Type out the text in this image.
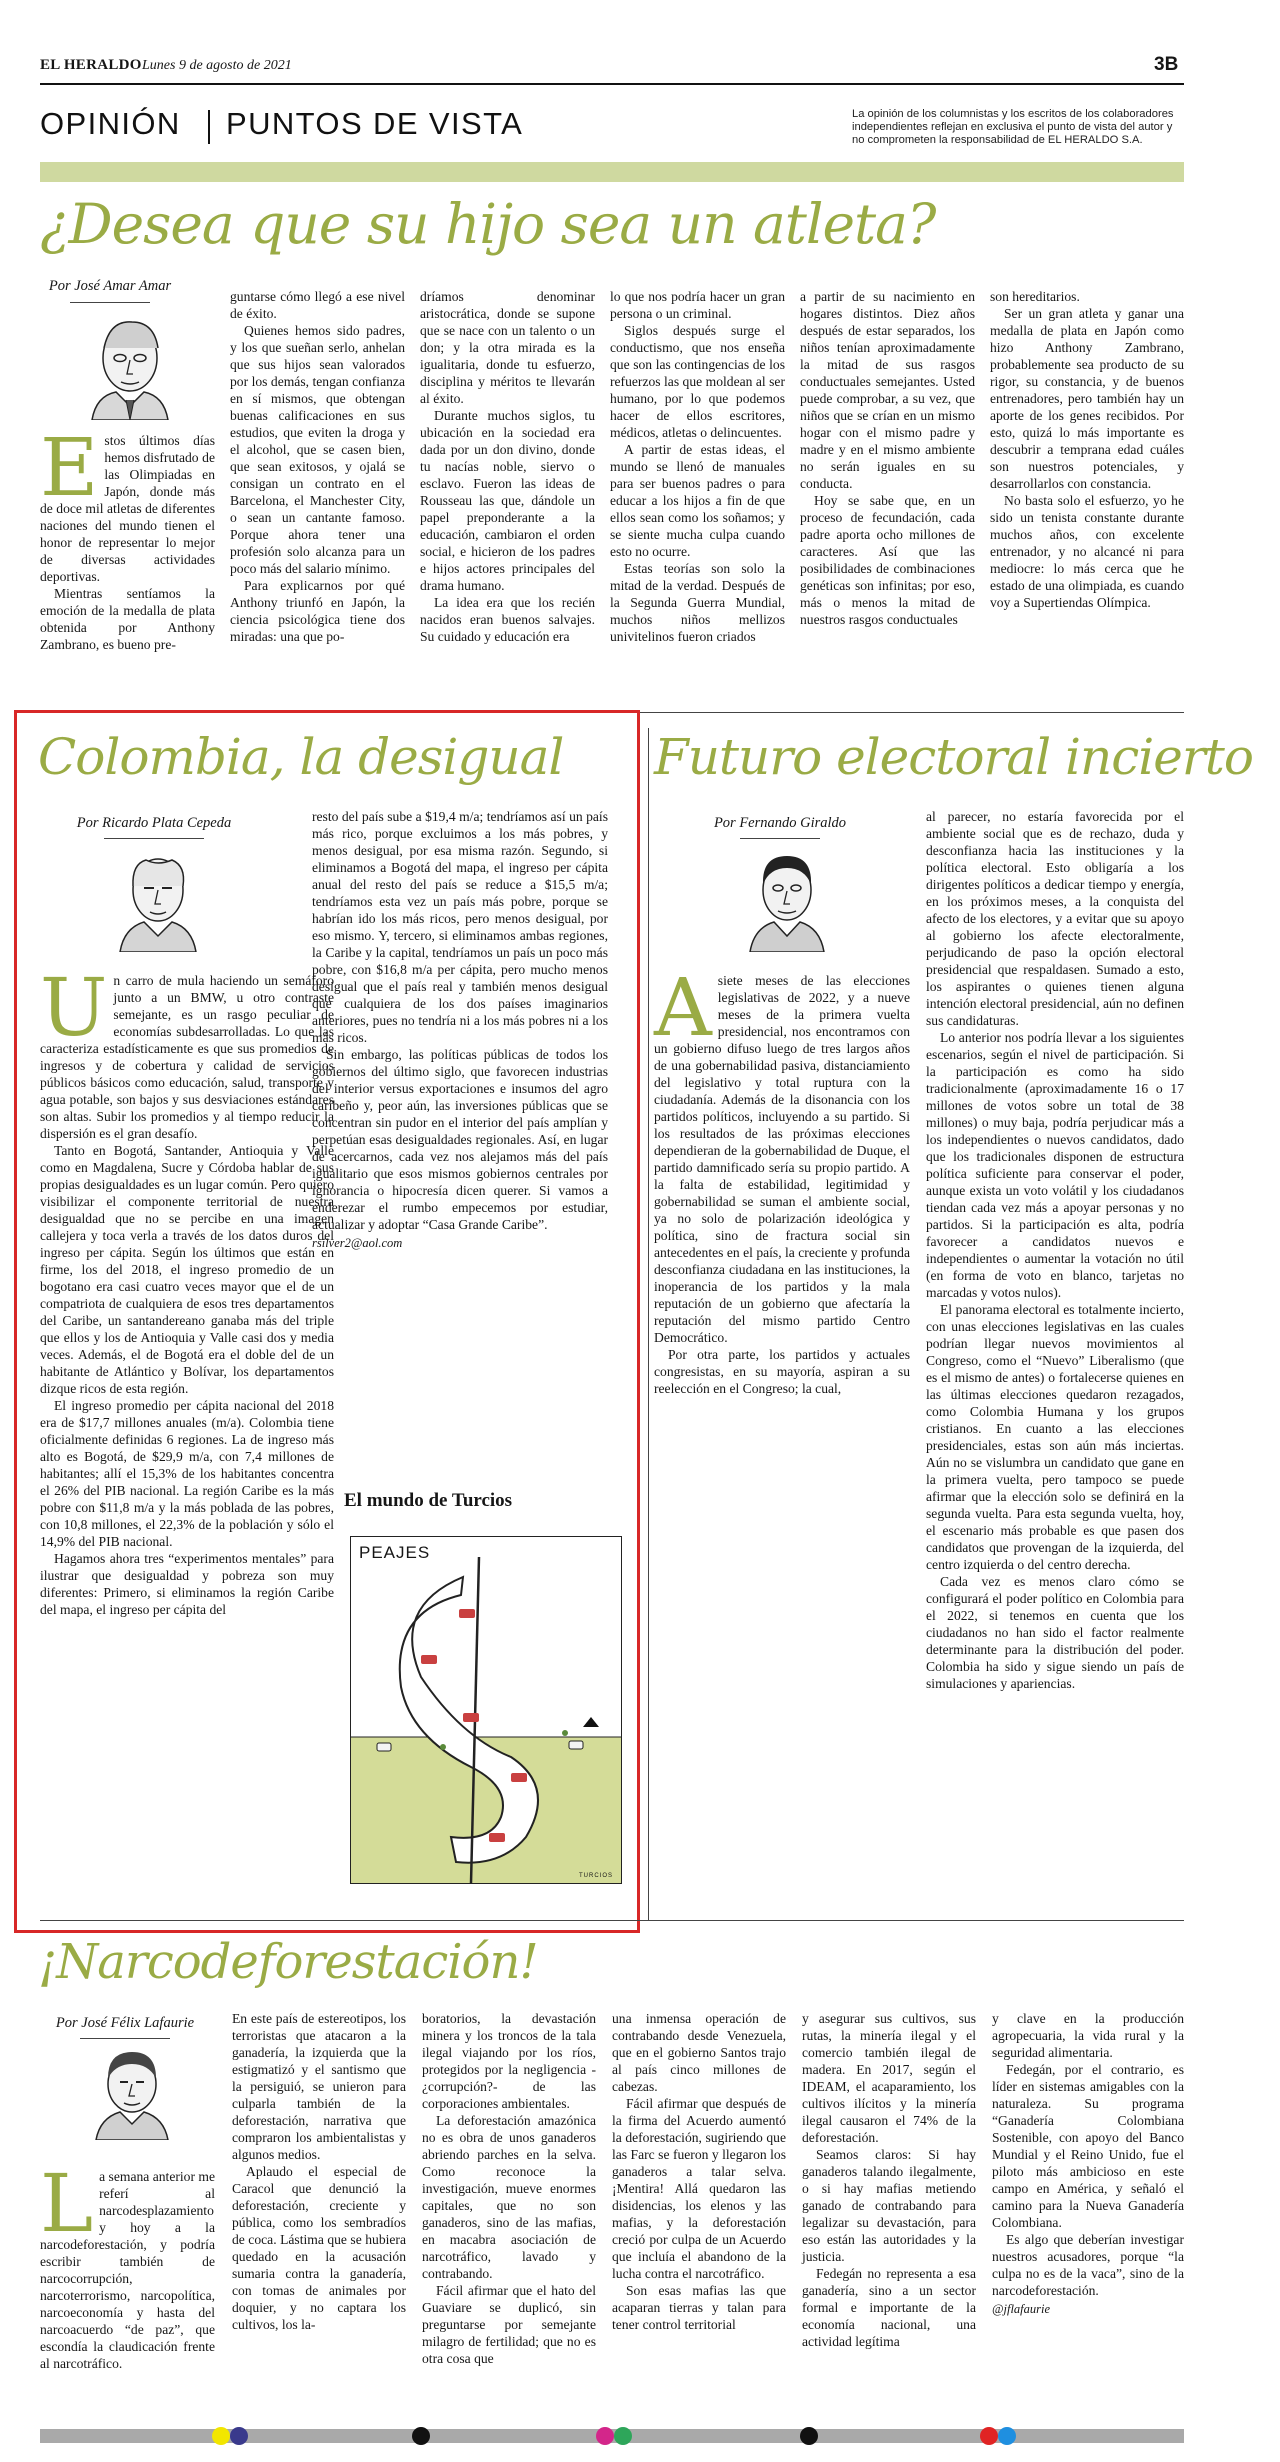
EL HERALDO Lunes 9 de agosto de 2021	3B
OPINIÓN PUNTOS DE VISTA	La opinión de los columnistas y los escritos de los colaboradores independientes reflejan en exclusiva el punto de vista del autor y no comprometen la responsabilidad de EL HERALDO S.A.
¿Desea que su hijo sea un atleta?
Por José Amar Amar

Estos últimos días hemos disfrutado de las Olimpiadas en Japón, donde más de doce mil atletas de diferentes naciones del mundo tienen el honor de representar lo mejor de diversas actividades deportivas.

Mientras sentíamos la emoción de la medalla de plata obtenida por Anthony Zambrano, es bueno pre-

guntarse cómo llegó a ese nivel de éxito.

Quienes hemos sido padres, y los que sueñan serlo, anhelan que sus hijos sean valorados por los demás, tengan confianza en sí mismos, que obtengan buenas calificaciones en sus estudios, que eviten la droga y el alcohol, que se casen bien, que sean exitosos, y ojalá se consigan un contrato en el Barcelona, el Manchester City, o sean un cantante famoso. Porque ahora tener una profesión solo alcanza para un poco más del salario mínimo.

Para explicarnos por qué Anthony triunfó en Japón, la ciencia psicológica tiene dos miradas: una que po-

dríamos denominar aristocrática, donde se supone que se nace con un talento o un don; y la otra mirada es la igualitaria, donde tu esfuerzo, disciplina y méritos te llevarán al éxito.

Durante muchos siglos, tu ubicación en la sociedad era dada por un don divino, donde tu nacías noble, siervo o esclavo. Fueron las ideas de Rousseau las que, dándole un papel preponderante a la educación, cambiaron el orden social, e hicieron de los padres e hijos actores principales del drama humano.

La idea era que los recién nacidos eran buenos salvajes. Su cuidado y educación era

lo que nos podría hacer un gran persona o un criminal.

Siglos después surge el conductismo, que nos enseña que son las contingencias de los refuerzos las que moldean al ser humano, por lo que podemos hacer de ellos escritores, médicos, atletas o delincuentes.

A partir de estas ideas, el mundo se llenó de manuales para ser buenos padres o para educar a los hijos a fin de que ellos sean como los soñamos; y se siente mucha culpa cuando esto no ocurre.

Estas teorías son solo la mitad de la verdad. Después de la Segunda Guerra Mundial, muchos niños mellizos univitelinos fueron criados

a partir de su nacimiento en hogares distintos. Diez años después de estar separados, los niños tenían aproximadamente la mitad de sus rasgos conductuales semejantes. Usted puede comprobar, a su vez, que niños que se crían en un mismo hogar con el mismo padre y madre y en el mismo ambiente no serán iguales en su conducta.

Hoy se sabe que, en un proceso de fecundación, cada padre aporta ocho millones de caracteres. Así que las posibilidades de combinaciones genéticas son infinitas; por eso, más o menos la mitad de nuestros rasgos conductuales

son hereditarios.

Ser un gran atleta y ganar una medalla de plata en Japón como hizo Anthony Zambrano, probablemente sea producto de su rigor, su constancia, y de buenos entrenadores, pero también hay un aporte de los genes recibidos. Por esto, quizá lo más importante es descubrir a temprana edad cuáles son nuestros potenciales, y desarrollarlos con constancia.

No basta solo el esfuerzo, yo he sido un tenista constante durante muchos años, con excelente entrenador, y no alcancé ni para mediocre: lo más cerca que he estado de una olimpiada, es cuando voy a Supertiendas Olímpica.

Colombia, la desigual
Por Ricardo Plata Cepeda

Un carro de mula haciendo un semáforo junto a un BMW, u otro contraste semejante, es un rasgo peculiar de economías subdesarrolladas. Lo que las caracteriza estadísticamente es que sus promedios de ingresos y de cobertura y calidad de servicios públicos básicos como educación, salud, transporte y agua potable, son bajos y sus desviaciones estándares son altas. Subir los promedios y al tiempo reducir la dispersión es el gran desafío.

Tanto en Bogotá, Santander, Antioquia y Valle como en Magdalena, Sucre y Córdoba hablar de sus propias desigualdades es un lugar común. Pero quiero visibilizar el componente territorial de nuestra desigualdad que no se percibe en una imagen callejera y toca verla a través de los datos duros del ingreso per cápita. Según los últimos que están en firme, los del 2018, el ingreso promedio de un bogotano era casi cuatro veces mayor que el de un compatriota de cualquiera de esos tres departamentos del Caribe, un santandereano ganaba más del triple que ellos y los de Antioquia y Valle casi dos y media veces. Además, el de Bogotá era el doble del de un habitante de Atlántico y Bolívar, los departamentos dizque ricos de esta región.

El ingreso promedio per cápita nacional del 2018 era de $17,7 millones anuales (m/a). Colombia tiene oficialmente definidas 6 regiones. La de ingreso más alto es Bogotá, de $29,9 m/a, con 7,4 millones de habitantes; allí el 15,3% de los habitantes concentra el 26% del PIB nacional. La región Caribe es la más pobre con $11,8 m/a y la más poblada de las pobres, con 10,8 millones, el 22,3% de la población y sólo el 14,9% del PIB nacional.

Hagamos ahora tres “experimentos mentales” para ilustrar que desigualdad y pobreza son muy diferentes: Primero, si eliminamos la región Caribe del mapa, el ingreso per cápita del

resto del país sube a $19,4 m/a; tendríamos así un país más rico, porque excluimos a los más pobres, y menos desigual, por esa misma razón. Segundo, si eliminamos a Bogotá del mapa, el ingreso per cápita anual del resto del país se reduce a $15,5 m/a; tendríamos esta vez un país más pobre, porque se habrían ido los más ricos, pero menos desigual, por eso mismo. Y, tercero, si eliminamos ambas regiones, la Caribe y la capital, tendríamos un país un poco más pobre, con $16,8 m/a per cápita, pero mucho menos desigual que el país real y también menos desigual que cualquiera de los dos países imaginarios anteriores, pues no tendría ni a los más pobres ni a los más ricos.

Sin embargo, las políticas públicas de todos los gobiernos del último siglo, que favorecen industrias del interior versus exportaciones e insumos del agro caribeño y, peor aún, las inversiones públicas que se concentran sin pudor en el interior del país amplían y perpetúan esas desigualdades regionales. Así, en lugar de acercarnos, cada vez nos alejamos más del país igualitario que esos mismos gobiernos centrales por ignorancia o hipocresía dicen querer. Si vamos a enderezar el rumbo empecemos por estudiar, actualizar y adoptar “Casa Grande Caribe”.

rsilver2@aol.com
El mundo de Turcios
PEAJES
TURCIOS
Futuro electoral incierto
Por Fernando Giraldo

Asiete meses de las elecciones legislativas de 2022, y a nueve meses de la primera vuelta presidencial, nos encontramos con un gobierno difuso luego de tres largos años de una gobernabilidad pasiva, distanciamiento del legislativo y total ruptura con la ciudadanía. Además de la disonancia con los partidos políticos, incluyendo a su partido. Si los resultados de las próximas elecciones dependieran de la gobernabilidad de Duque, el partido damnificado sería su propio partido. A la falta de estabilidad, legitimidad y gobernabilidad se suman el ambiente social, ya no solo de polarización ideológica y política, sino de fractura social sin antecedentes en el país, la creciente y profunda desconfianza ciudadana en las instituciones, la inoperancia de los partidos y la mala reputación de un gobierno que afectaría la reputación del mismo partido Centro Democrático.

Por otra parte, los partidos y actuales congresistas, en su mayoría, aspiran a su reelección en el Congreso; la cual,

al parecer, no estaría favorecida por el ambiente social que es de rechazo, duda y desconfianza hacia las instituciones y la política electoral. Esto obligaría a los dirigentes políticos a dedicar tiempo y energía, en los próximos meses, a la conquista del afecto de los electores, y a evitar que su apoyo al gobierno los afecte electoralmente, perjudicando de paso la opción electoral presidencial que respaldasen. Sumado a esto, los aspirantes o quienes tienen alguna intención electoral presidencial, aún no definen sus candidaturas.

Lo anterior nos podría llevar a los siguientes escenarios, según el nivel de participación. Si la participación es como ha sido tradicionalmente (aproximadamente 16 o 17 millones de votos sobre un total de 38 millones) o muy baja, podría perjudicar más a los independientes o nuevos candidatos, dado que los tradicionales disponen de estructura política suficiente para conservar el poder, aunque exista un voto volátil y los ciudadanos tiendan cada vez más a apoyar personas y no partidos. Si la participación es alta, podría favorecer a candidatos nuevos e independientes o aumentar la votación no útil (en forma de voto en blanco, tarjetas no marcadas y votos nulos).

El panorama electoral es totalmente incierto, con unas elecciones legislativas en las cuales podrían llegar nuevos movimientos al Congreso, como el “Nuevo” Liberalismo (que es el mismo de antes) o fortalecerse quienes en las últimas elecciones quedaron rezagados, como Colombia Humana y los grupos cristianos. En cuanto a las elecciones presidenciales, estas son aún más inciertas. Aún no se vislumbra un candidato que gane en la primera vuelta, pero tampoco se puede afirmar que la elección solo se definirá en la segunda vuelta. Para esta segunda vuelta, hoy, el escenario más probable es que pasen dos candidatos que provengan de la izquierda, del centro izquierda o del centro derecha.

Cada vez es menos claro cómo se configurará el poder político en Colombia para el 2022, si tenemos en cuenta que los ciudadanos no han sido el factor realmente determinante para la distribución del poder. Colombia ha sido y sigue siendo un país de simulaciones y apariencias.

¡Narcodeforestación!
Por José Félix Lafaurie

La semana anterior me referí al narcodesplazamiento y hoy a la narcodeforestación, y podría escribir también de narcocorrupción, narcoterrorismo, narcopolítica, narcoeconomía y hasta del narcoacuerdo “de paz”, que escondía la claudicación frente al narcotráfico.

En este país de estereotipos, los terroristas que atacaron a la ganadería, la izquierda que la estigmatizó y el santismo que la persiguió, se unieron para culparla también de la deforestación, narrativa que compraron los ambientalistas y algunos medios.

Aplaudo el especial de Caracol que denunció la deforestación, creciente y pública, como los sembradíos de coca. Lástima que se hubiera quedado en la acusación sumaria contra la ganadería, con tomas de animales por doquier, y no captara los cultivos, los la-

boratorios, la devastación minera y los troncos de la tala ilegal viajando por los ríos, protegidos por la negligencia -¿corrupción?- de las corporaciones ambientales.

La deforestación amazónica no es obra de unos ganaderos abriendo parches en la selva. Como reconoce la investigación, mueve enormes capitales, que no son ganaderos, sino de las mafias, en macabra asociación de narcotráfico, lavado y contrabando.

Fácil afirmar que el hato del Guaviare se duplicó, sin preguntarse por semejante milagro de fertilidad; que no es otra cosa que

una inmensa operación de contrabando desde Venezuela, que en el gobierno Santos trajo al país cinco millones de cabezas.

Fácil afirmar que después de la firma del Acuerdo aumentó la deforestación, sugiriendo que las Farc se fueron y llegaron los ganaderos a talar selva. ¡Mentira! Allá quedaron las disidencias, los elenos y las mafias, y la deforestación creció por culpa de un Acuerdo que incluía el abandono de la lucha contra el narcotráfico.

Son esas mafias las que acaparan tierras y talan para tener control territorial

y asegurar sus cultivos, sus rutas, la minería ilegal y el comercio también ilegal de madera. En 2017, según el IDEAM, el acaparamiento, los cultivos ilícitos y la minería ilegal causaron el 74% de la deforestación.

Seamos claros: Si hay ganaderos talando ilegalmente, o si hay mafias metiendo ganado de contrabando para legalizar su devastación, para eso están las autoridades y la justicia.

Fedegán no representa a esa ganadería, sino a un sector formal e importante de la economía nacional, una actividad legítima

y clave en la producción agropecuaria, la vida rural y la seguridad alimentaria.

Fedegán, por el contrario, es líder en sistemas amigables con la naturaleza. Su programa “Ganadería Colombiana Sostenible, con apoyo del Banco Mundial y el Reino Unido, fue el piloto más ambicioso en este campo en América, y señaló el camino para la Nueva Ganadería Colombiana.

Es algo que deberían investigar nuestros acusadores, porque “la culpa no es de la vaca”, sino de la narcodeforestación.

@jflafaurie
